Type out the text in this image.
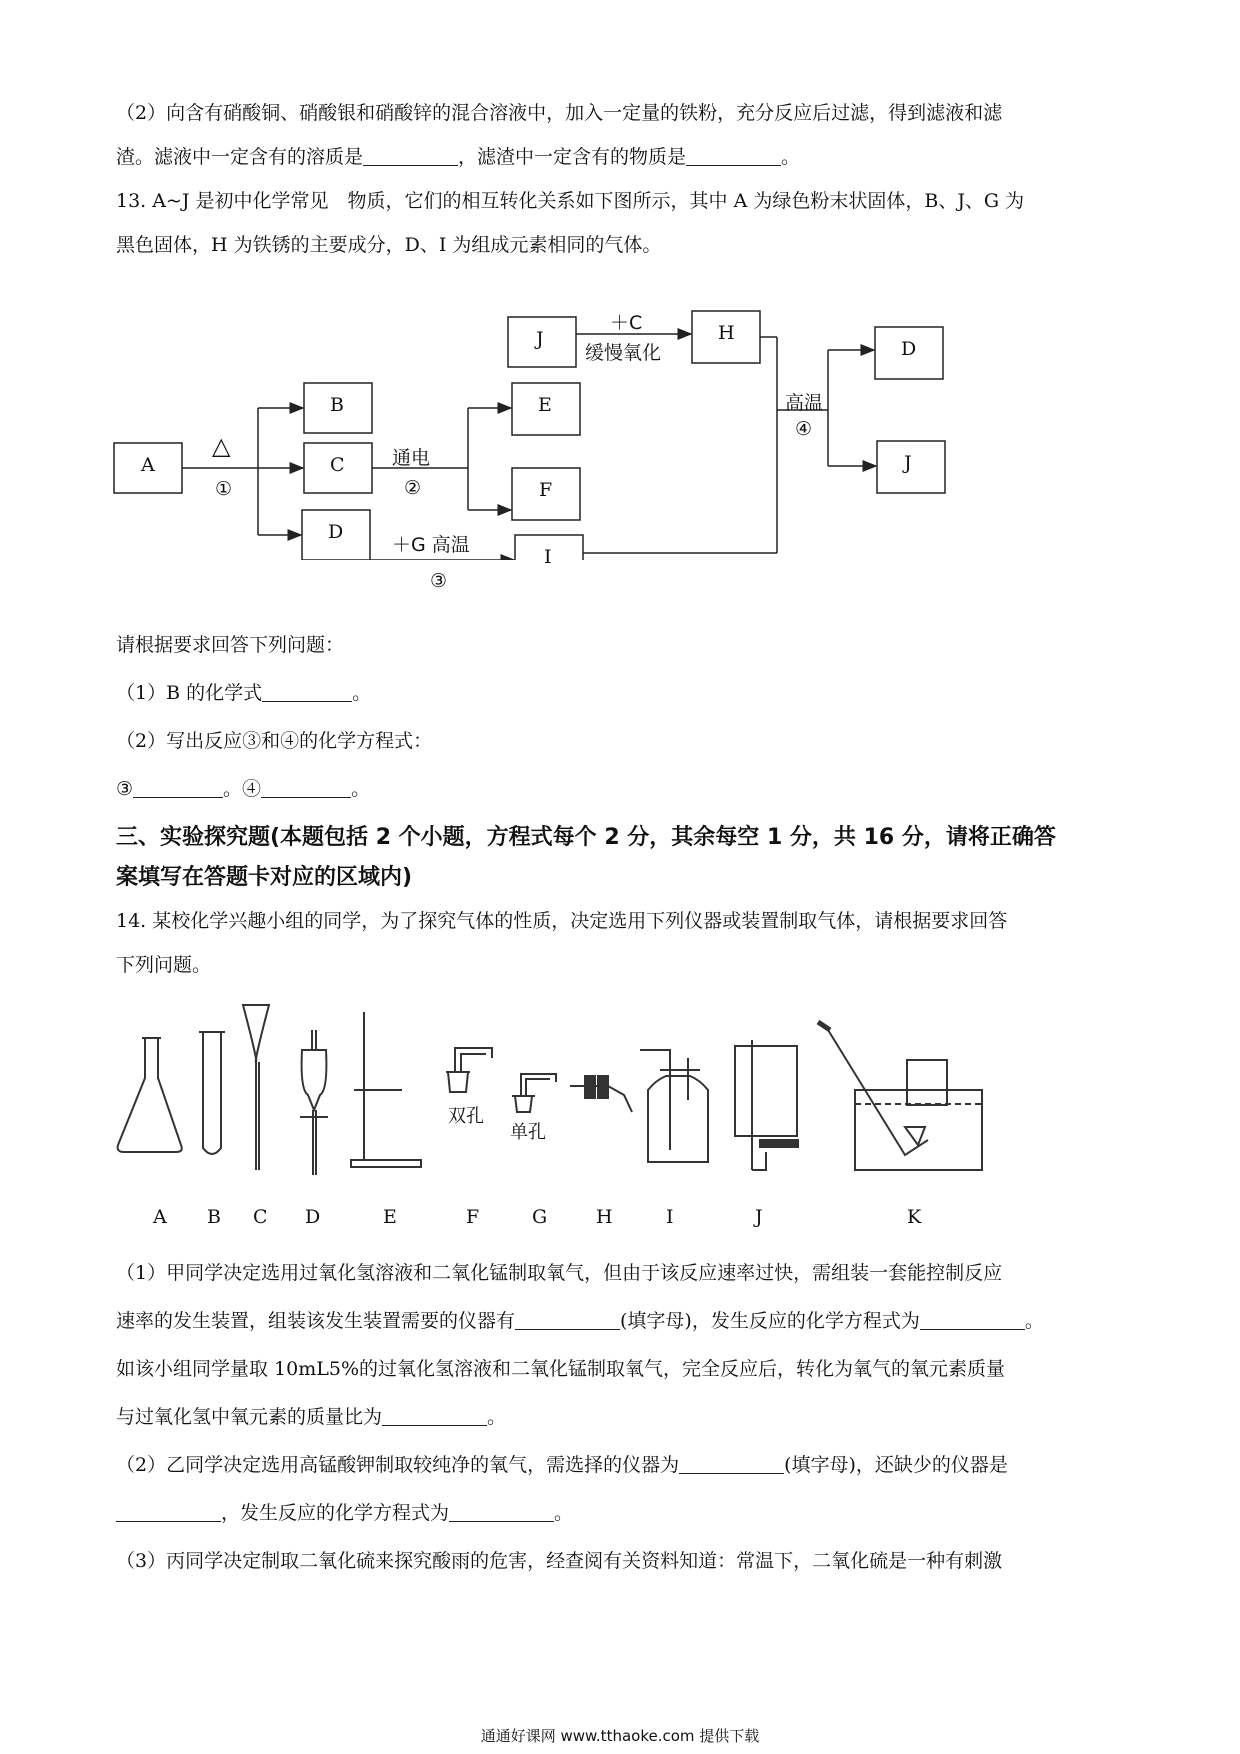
（2）向含有硝酸铜、硝酸银和硝酸锌的混合溶液中，加入一定量的铁粉，充分反应后过滤，得到滤液和滤
渣。滤液中一定含有的溶质是	，滤渣中一定含有的物质是	。
13. A~J 是初中化学常见　物质，它们的相互转化关系如下图所示，其中 A 为绿色粉末状固体，B、J、G 为
黑色固体，H 为铁锈的主要成分，D、I 为组成元素相同的气体。
A
B
C
D
E
F
I
J	H
D
J
△
①
通电
②
＋G 高温
③
＋C
缓慢氧化
高温
④
请根据要求回答下列问题：
（1）B 的化学式	。
（2）写出反应③和④的化学方程式：
③	。④	。
三、实验探究题(本题包括 2 个小题，方程式每个 2 分，其余每空 1 分，共 16 分，请将正确答
案填写在答题卡对应的区域内)
14. 某校化学兴趣小组的同学，为了探究气体的性质，决定选用下列仪器或装置制取气体，请根据要求回答
下列问题。
双孔
单孔
A B C D	E	F	G	H	I	J	K
（1）甲同学决定选用过氧化氢溶液和二氧化锰制取氧气，但由于该反应速率过快，需组装一套能控制反应
速率的发生装置，组装该发生装置需要的仪器有	(填字母)，发生反应的化学方程式为	。
如该小组同学量取 10mL5%的过氧化氢溶液和二氧化锰制取氧气，完全反应后，转化为氧气的氧元素质量
与过氧化氢中氧元素的质量比为	。
（2）乙同学决定选用高锰酸钾制取较纯净的氧气，需选择的仪器为	(填字母)，还缺少的仪器是
，发生反应的化学方程式为	。
（3）丙同学决定制取二氧化硫来探究酸雨的危害，经查阅有关资料知道：常温下，二氧化硫是一种有刺激
通通好课网 www.tthaoke.com 提供下载
